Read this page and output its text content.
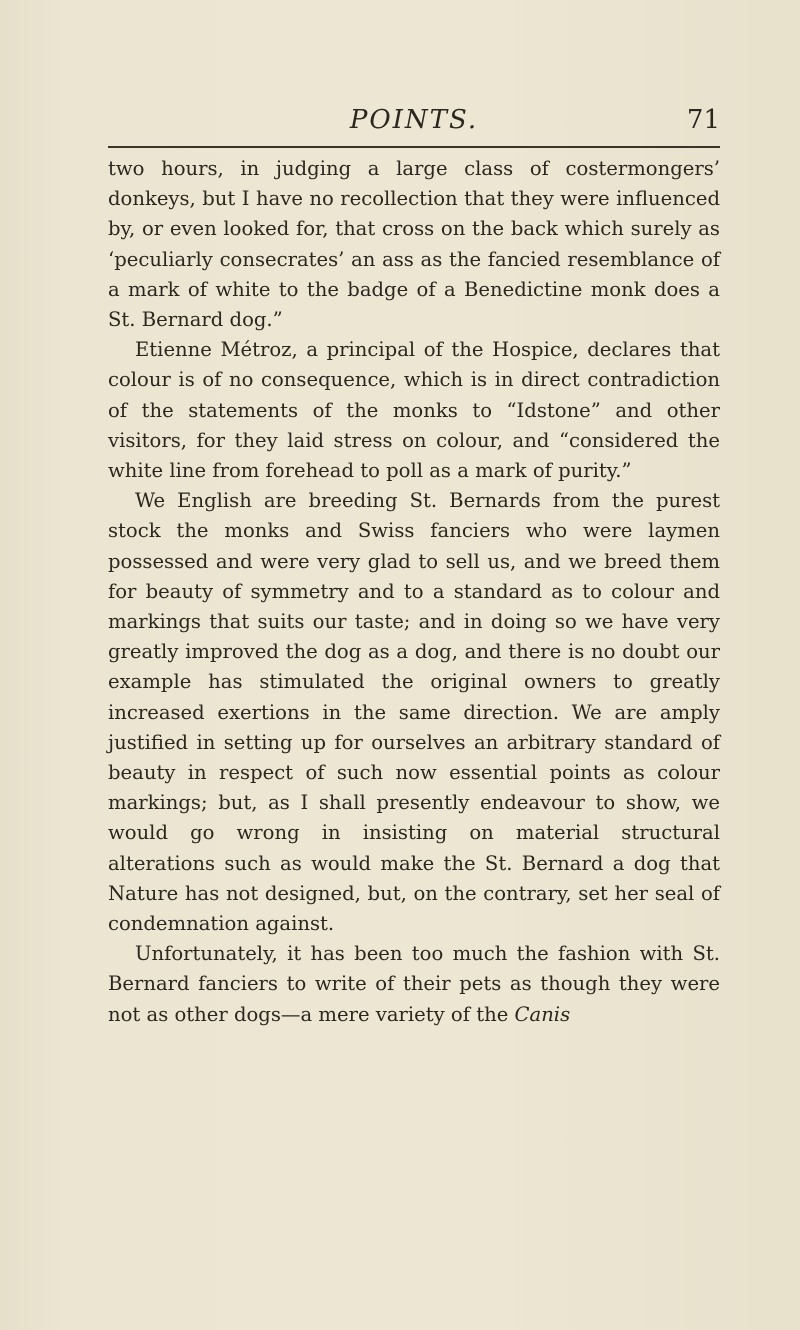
POINTS.	71

two hours, in judging a large class of costermongers’ donkeys, but I have no recollection that they were influenced by, or even looked for, that cross on the back which surely as ‘peculiarly consecrates’ an ass as the fancied resemblance of a mark of white to the badge of a Benedictine monk does a St. Bernard dog.”

Etienne Métroz, a principal of the Hospice, declares that colour is of no consequence, which is in direct contradiction of the statements of the monks to “Idstone” and other visitors, for they laid stress on colour, and “considered the white line from forehead to poll as a mark of purity.”

We English are breeding St. Bernards from the purest stock the monks and Swiss fanciers who were laymen possessed and were very glad to sell us, and we breed them for beauty of symmetry and to a standard as to colour and markings that suits our taste; and in doing so we have very greatly improved the dog as a dog, and there is no doubt our example has stimulated the original owners to greatly increased exertions in the same direction. We are amply justified in setting up for ourselves an arbitrary standard of beauty in respect of such now essential points as colour markings; but, as I shall presently endeavour to show, we would go wrong in insisting on material structural alterations such as would make the St. Bernard a dog that Nature has not designed, but, on the contrary, set her seal of condemnation against.

Unfortunately, it has been too much the fashion with St. Bernard fanciers to write of their pets as though they were not as other dogs—a mere variety of the Canis
